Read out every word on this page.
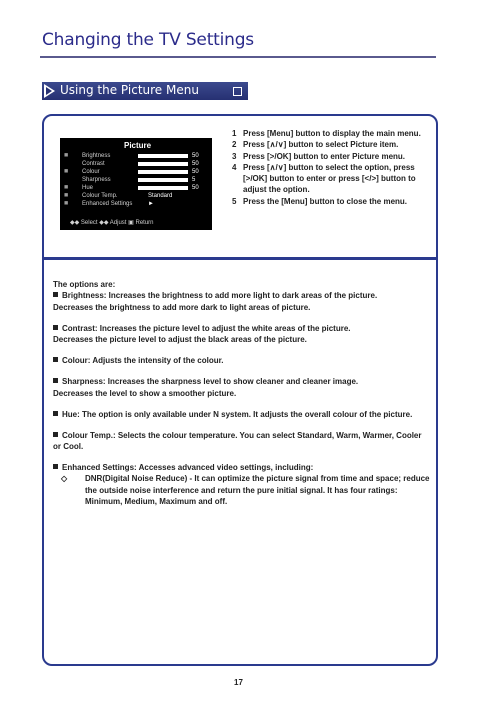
Changing the TV Settings
Using the Picture Menu
Picture
■	Brightness	50
Contrast	50
■	Colour	50
Sharpness	5
■	Hue	50
■	Colour Temp.	Standard
■	Enhanced Settings	►
◆◆ Select ◆◆ Adjust ▣ Return
1 Press [Menu] button to display the main menu.
2 Press [∧/∨] button to select Picture item.
3 Press [>/OK] button to enter Picture menu.
4 Press [∧/∨] button to select the option, press [>/OK] button to enter or press [</>] button to adjust the option.
5 Press the [Menu] button to close the menu.

The options are:

Brightness: Increases the brightness to add more light to dark areas of the picture.

Decreases the brightness to add more dark to light areas of picture.

Contrast: Increases the picture level to adjust the white areas of the picture.

Decreases the picture level to adjust the black areas of the picture.

Colour: Adjusts the intensity of the colour.

Sharpness: Increases the sharpness level to show cleaner and cleaner image.

Decreases the level to show a smoother picture.

Hue: The option is only available under N system. It adjusts the overall colour of the picture.

Colour Temp.: Selects the colour temperature. You can select Standard, Warm, Warmer, Cooler or Cool.

Enhanced Settings: Accesses advanced video settings, including:

◇ DNR(Digital Noise Reduce) - It can optimize the picture signal from time and space; reduce the outside noise interference and return the pure initial signal. It has four ratings: Minimum, Medium, Maximum and off.

17
